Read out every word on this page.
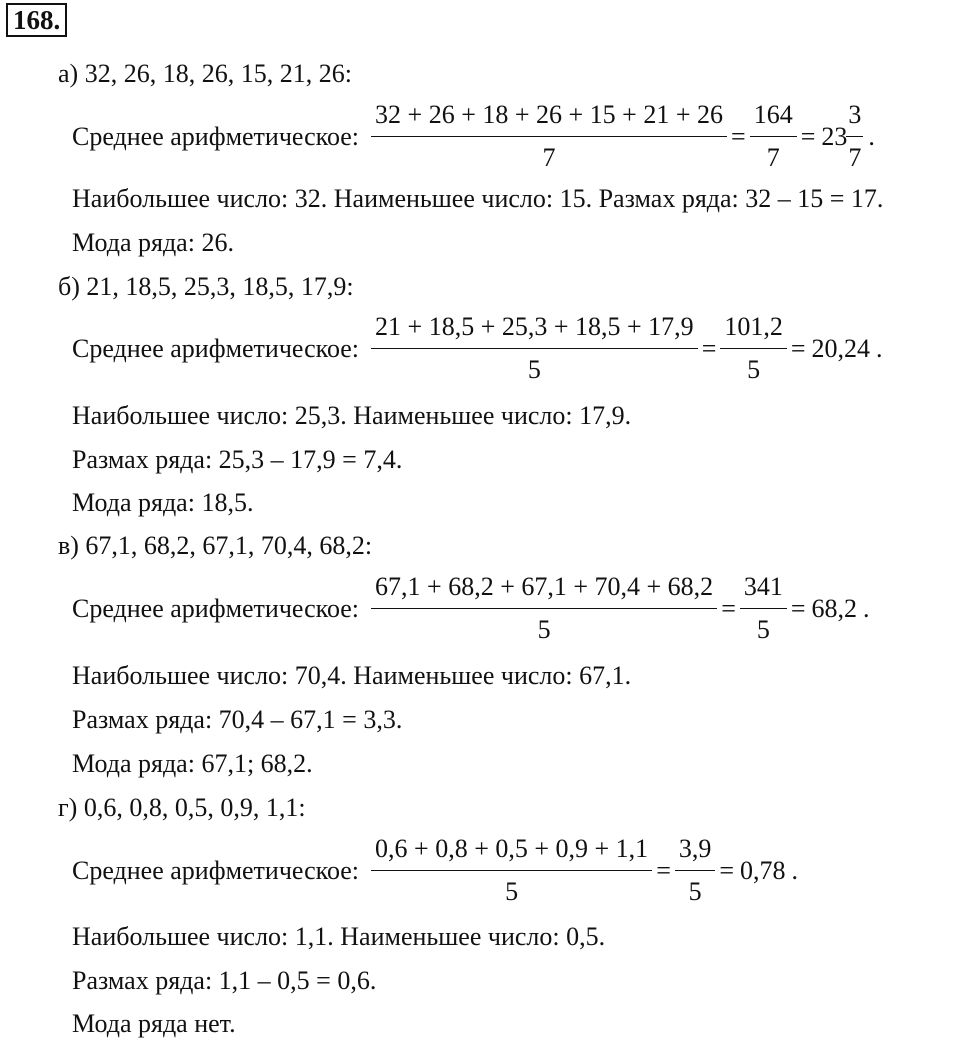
168.
а) 32, 26, 18, 26, 15, 21, 26:
Среднее арифметическое: $\frac{32 + 26 + 18 + 26 + 15 + 21 + 26}{7} = \frac{164}{7} = 23 \frac{3}{7}$ .
Наибольшее число: 32. Наименьшее число: 15. Размах ряда: 32 – 15 = 17.
Мода ряда: 26.
б) 21, 18,5, 25,3, 18,5, 17,9:
Среднее арифметическое: $\frac{21 + 18,5 + 25,3 + 18,5 + 17,9}{5} = \frac{101,2}{5} = 20,24$ .
Наибольшее число: 25,3. Наименьшее число: 17,9.
Размах ряда: 25,3 – 17,9 = 7,4.
Мода ряда: 18,5.
в) 67,1, 68,2, 67,1, 70,4, 68,2:
Среднее арифметическое: $\frac{67,1 + 68,2 + 67,1 + 70,4 + 68,2}{5} = \frac{341}{5} = 68,2$ .
Наибольшее число: 70,4. Наименьшее число: 67,1.
Размах ряда: 70,4 – 67,1 = 3,3.
Мода ряда: 67,1; 68,2.
г) 0,6, 0,8, 0,5, 0,9, 1,1:
Среднее арифметическое: $\frac{0,6 + 0,8 + 0,5 + 0,9 + 1,1}{5} = \frac{3,9}{5} = 0,78$ .
Наибольшее число: 1,1. Наименьшее число: 0,5.
Размах ряда: 1,1 – 0,5 = 0,6.
Мода ряда нет.
